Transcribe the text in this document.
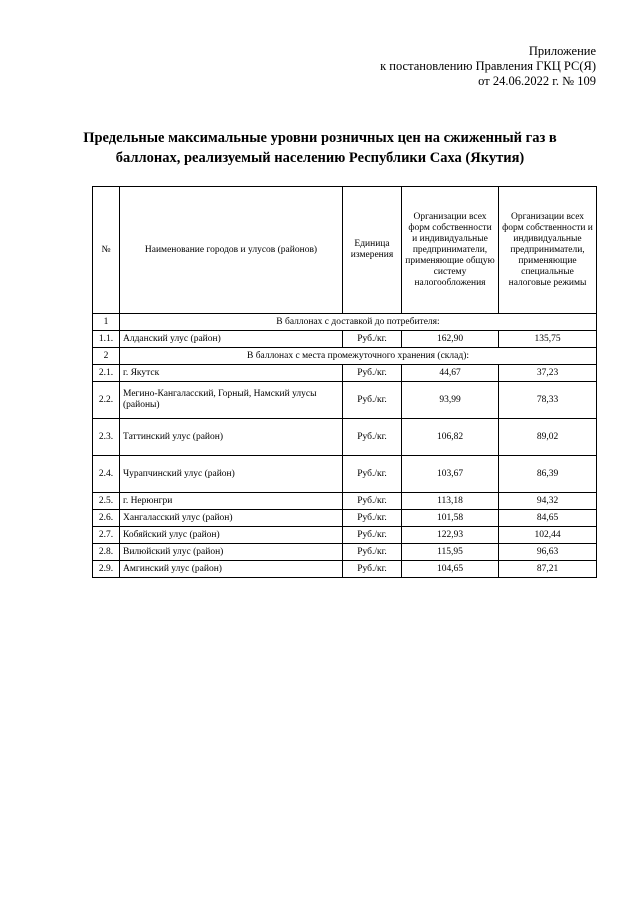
Приложение
к постановлению Правления ГКЦ РС(Я)
от 24.06.2022 г. № 109
Предельные максимальные уровни розничных цен на сжиженный газ в
баллонах, реализуемый населению Республики Саха (Якутия)
№	Наименование городов и улусов (районов)	Единица измерения	Организации всех форм собственности и индивидуальные предприниматели, применяющие общую систему налогообложения	Организации всех форм собственности и индивидуальные предприниматели, применяющие специальные налоговые режимы
1	В баллонах с доставкой до потребителя:			
1.1.	Алданский улус (район)	Руб./кг.	162,90	135,75
2	В баллонах с места промежуточного хранения (склад):			
2.1.	г. Якутск	Руб./кг.	44,67	37,23
2.2.	Мегино-Кангаласский, Горный, Намский улусы (районы)	Руб./кг.	93,99	78,33
2.3.	Таттинский улус (район)	Руб./кг.	106,82	89,02
2.4.	Чурапчинский улус (район)	Руб./кг.	103,67	86,39
2.5.	г. Нерюнгри	Руб./кг.	113,18	94,32
2.6.	Хангаласский улус (район)	Руб./кг.	101,58	84,65
2.7.	Кобяйский улус (район)	Руб./кг.	122,93	102,44
2.8.	Вилюйский улус (район)	Руб./кг.	115,95	96,63
2.9.	Амгинский улус (район)	Руб./кг.	104,65	87,21
